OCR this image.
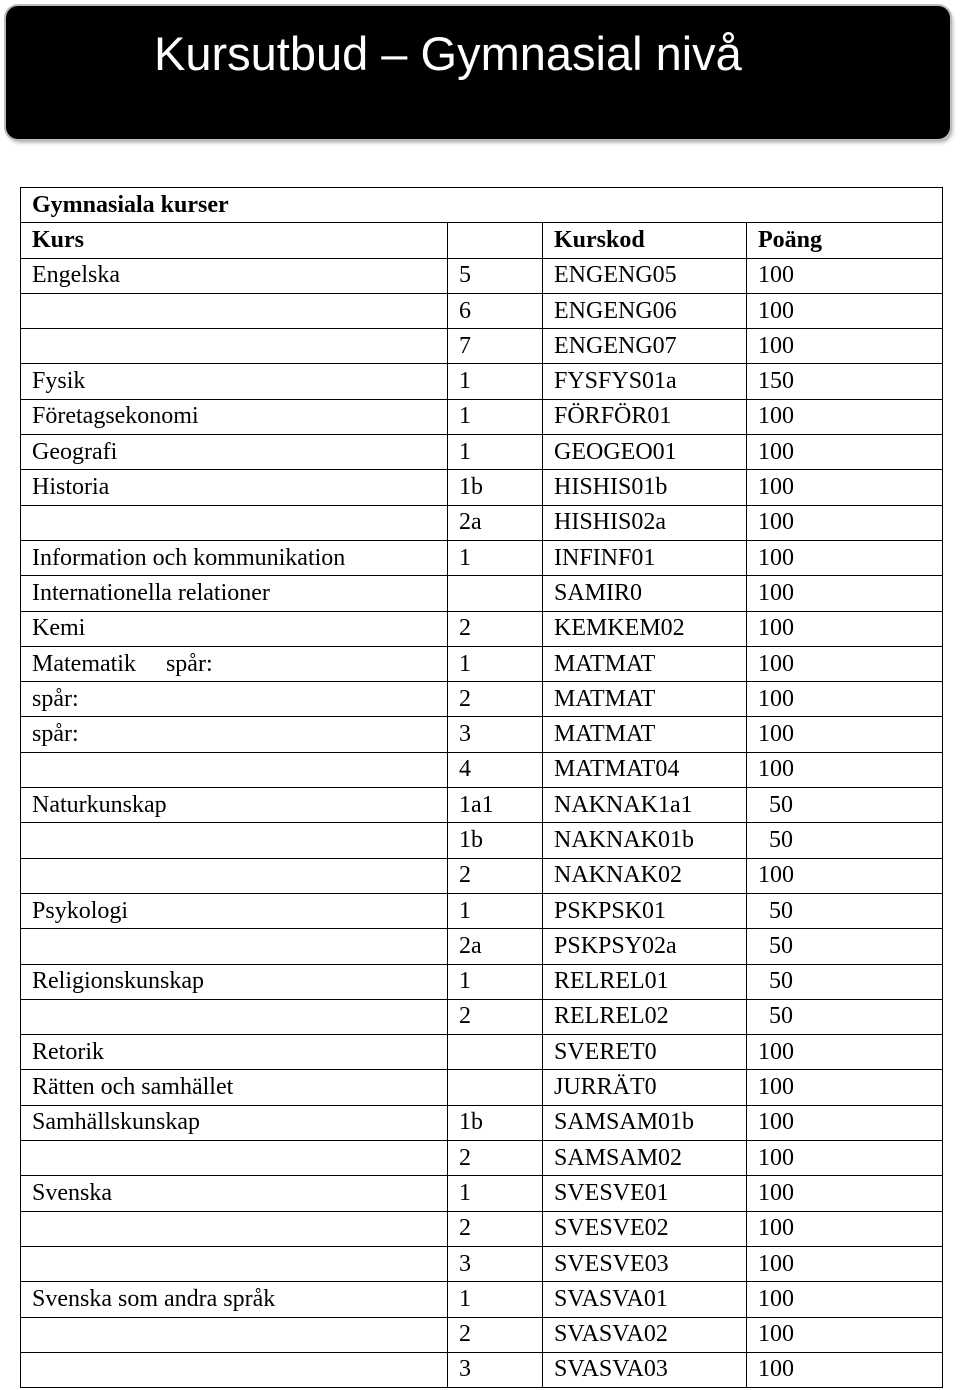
Kursutbud – Gymnasial nivå
Gymnasiala kurser			
Kurs		Kurskod	Poäng
Engelska	5	ENGENG05	100
	6	ENGENG06	100
	7	ENGENG07	100
Fysik	1	FYSFYS01a	150
Företagsekonomi	1	FÖRFÖR01	100
Geografi	1	GEOGEO01	100
Historia	1b	HISHIS01b	100
	2a	HISHIS02a	100
Information och kommunikation	1	INFINF01	100
Internationella relationer		SAMIR0	100
Kemi	2	KEMKEM02	100
Matematik spår:	1	MATMAT	100
spår:	2	MATMAT	100
spår:	3	MATMAT	100
	4	MATMAT04	100
Naturkunskap	1a1	NAKNAK1a1	50
	1b	NAKNAK01b	50
	2	NAKNAK02	100
Psykologi	1	PSKPSK01	50
	2a	PSKPSY02a	50
Religionskunskap	1	RELREL01	50
	2	RELREL02	50
Retorik		SVERET0	100
Rätten och samhället		JURRÄT0	100
Samhällskunskap	1b	SAMSAM01b	100
	2	SAMSAM02	100
Svenska	1	SVESVE01	100
	2	SVESVE02	100
	3	SVESVE03	100
Svenska som andra språk	1	SVASVA01	100
	2	SVASVA02	100
	3	SVASVA03	100
